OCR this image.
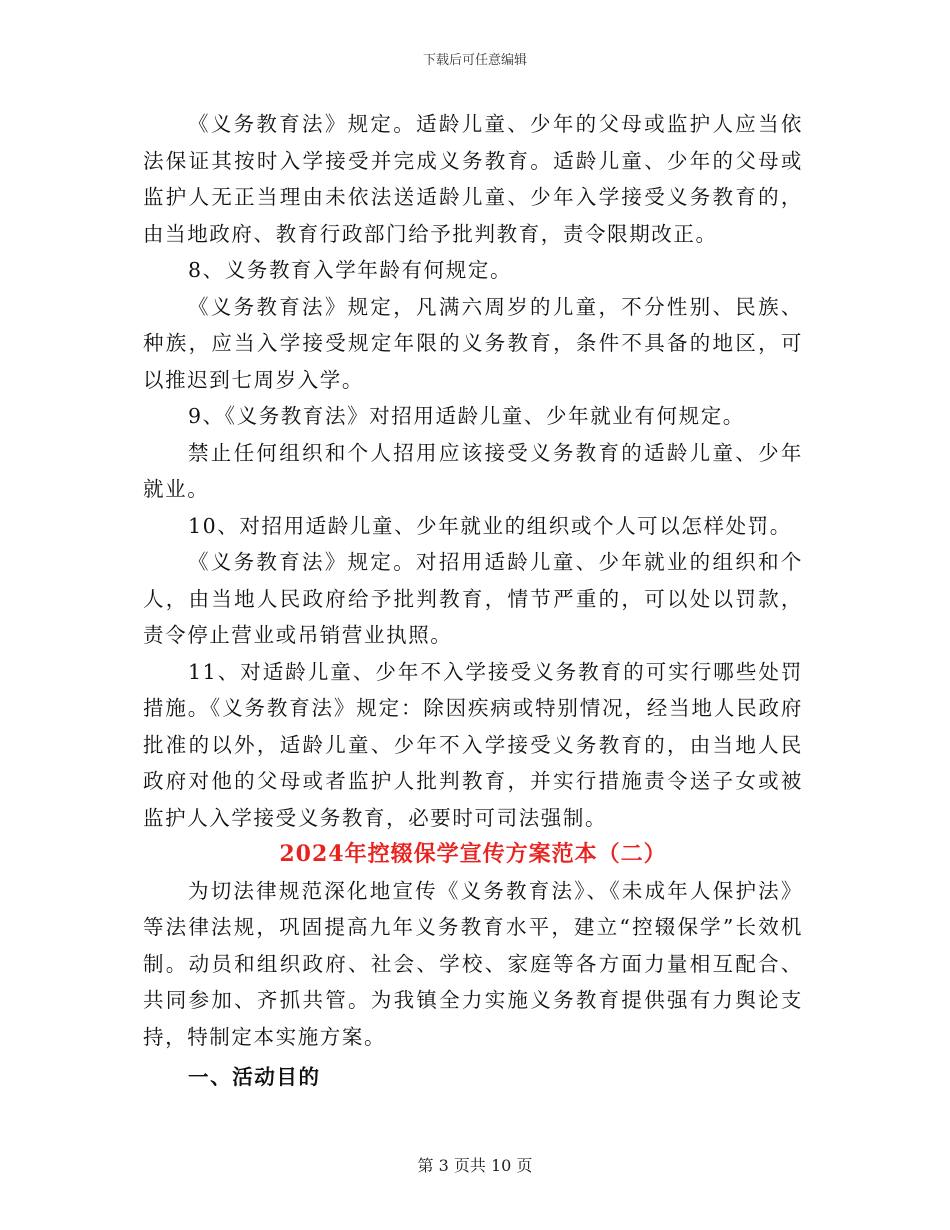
下载后可任意编辑

《义务教育法》规定。适龄儿童、少年的父母或监护人应当依法保证其按时入学接受并完成义务教育。适龄儿童、少年的父母或监护人无正当理由未依法送适龄儿童、少年入学接受义务教育的，由当地政府、教育行政部门给予批判教育，责令限期改正。

8、义务教育入学年龄有何规定。

《义务教育法》规定，凡满六周岁的儿童，不分性别、民族、种族，应当入学接受规定年限的义务教育，条件不具备的地区，可以推迟到七周岁入学。

9、《义务教育法》对招用适龄儿童、少年就业有何规定。

禁止任何组织和个人招用应该接受义务教育的适龄儿童、少年就业。

10、对招用适龄儿童、少年就业的组织或个人可以怎样处罚。

《义务教育法》规定。对招用适龄儿童、少年就业的组织和个人，由当地人民政府给予批判教育，情节严重的，可以处以罚款，责令停止营业或吊销营业执照。

11、对适龄儿童、少年不入学接受义务教育的可实行哪些处罚措施。《义务教育法》规定：除因疾病或特别情况，经当地人民政府批准的以外，适龄儿童、少年不入学接受义务教育的，由当地人民政府对他的父母或者监护人批判教育，并实行措施责令送子女或被监护人入学接受义务教育，必要时可司法强制。

2024年控辍保学宣传方案范本（二）

为切法律规范深化地宣传《义务教育法》、《未成年人保护法》等法律法规，巩固提高九年义务教育水平，建立“控辍保学”长效机制。动员和组织政府、社会、学校、家庭等各方面力量相互配合、共同参加、齐抓共管。为我镇全力实施义务教育提供强有力舆论支持，特制定本实施方案。

一、活动目的

第 3 页共 10 页
